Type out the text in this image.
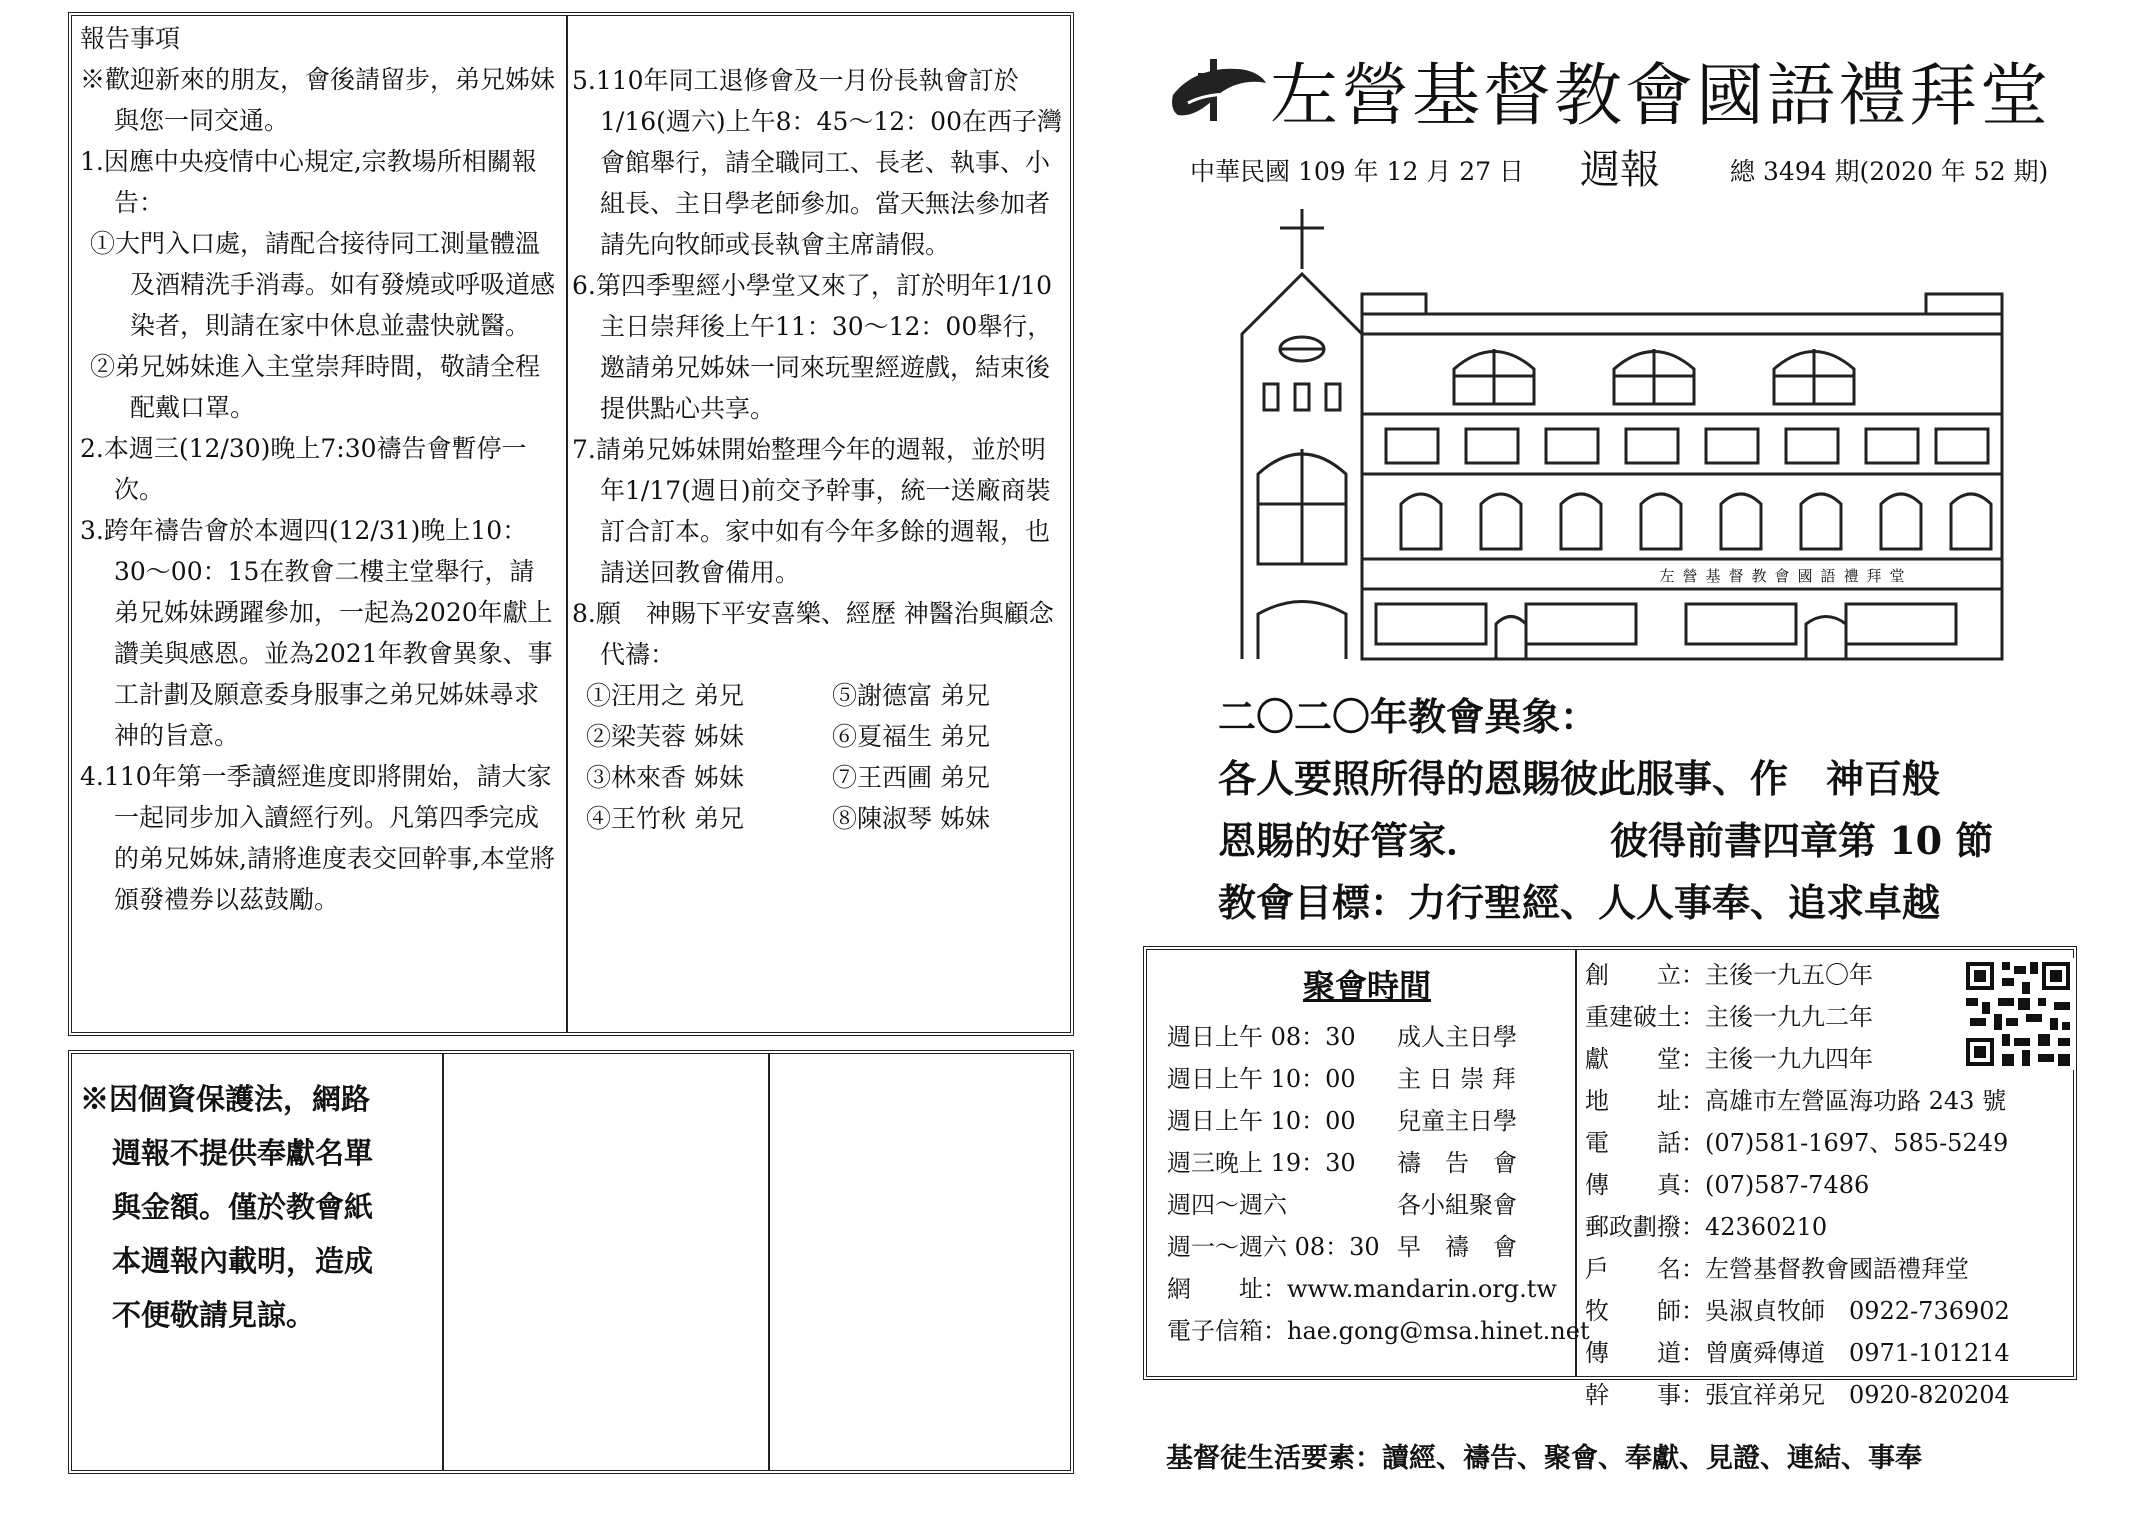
報告事項

※歡迎新來的朋友，會後請留步，弟兄姊妹與您一同交通。

1.因應中央疫情中心規定,宗教場所相關報告：

①大門入口處，請配合接待同工測量體溫及酒精洗手消毒。如有發燒或呼吸道感染者，則請在家中休息並盡快就醫。

②弟兄姊妹進入主堂崇拜時間，敬請全程配戴口罩。

2.本週三(12/30)晚上7:30禱告會暫停一次。

3.跨年禱告會於本週四(12/31)晚上10：30～00：15在教會二樓主堂舉行，請弟兄姊妹踴躍參加，一起為2020年獻上讚美與感恩。並為2021年教會異象、事工計劃及願意委身服事之弟兄姊妹尋求 神的旨意。

4.110年第一季讀經進度即將開始，請大家一起同步加入讀經行列。凡第四季完成的弟兄姊妹,請將進度表交回幹事,本堂將頒發禮券以茲鼓勵。

5.110年同工退修會及一月份長執會訂於1/16(週六)上午8：45～12：00在西子灣會館舉行，請全職同工、長老、執事、小組長、主日學老師參加。當天無法參加者請先向牧師或長執會主席請假。

6.第四季聖經小學堂又來了，訂於明年1/10主日崇拜後上午11：30～12：00舉行，邀請弟兄姊妹一同來玩聖經遊戲，結束後提供點心共享。

7.請弟兄姊妹開始整理今年的週報，並於明年1/17(週日)前交予幹事，統一送廠商裝訂合訂本。家中如有今年多餘的週報，也請送回教會備用。

8.願　神賜下平安喜樂、經歷 神醫治與顧念代禱：

①汪用之 弟兄	⑤謝德富 弟兄
②梁芙蓉 姊妹	⑥夏福生 弟兄
③林來香 姊妹	⑦王西圃 弟兄
④王竹秋 弟兄	⑧陳淑琴 姊妹
※因個資保護法，網路
週報不提供奉獻名單
與金額。僅於教會紙
本週報內載明，造成
不便敬請見諒。
左營基督教會國語禮拜堂
中華民國 109 年 12 月 27 日 週報	總 3494 期(2020 年 52 期)
左營基督教會國語禮拜堂
二〇二〇年教會異象：
各人要照所得的恩賜彼此服事、作　神百般
恩賜的好管家．	彼得前書四章第 10 節
教會目標：力行聖經、人人事奉、追求卓越
聚會時間
週日上午 08：30	成人主日學
週日上午 10：00	主 日 崇 拜
週日上午 10：00	兒童主日學
週三晚上 19：30	禱　告　會
週四～週六	各小組聚會
週一～週六 08：30 早　禱　會
網　　址：www.mandarin.org.tw
電子信箱：hae.gong@msa.hinet.net
創　　立：主後一九五〇年
重建破土：主後一九九二年
獻　　堂：主後一九九四年
地　　址：高雄市左營區海功路 243 號
電　　話：(07)581-1697、585-5249
傳　　真：(07)587-7486
郵政劃撥：42360210
戶　　名：左營基督教會國語禮拜堂
牧　　師：吳淑貞牧師　0922-736902
傳　　道：曾廣舜傳道　0971-101214
幹　　事：張宜祥弟兄　0920-820204
基督徒生活要素：讀經、禱告、聚會、奉獻、見證、連結、事奉
